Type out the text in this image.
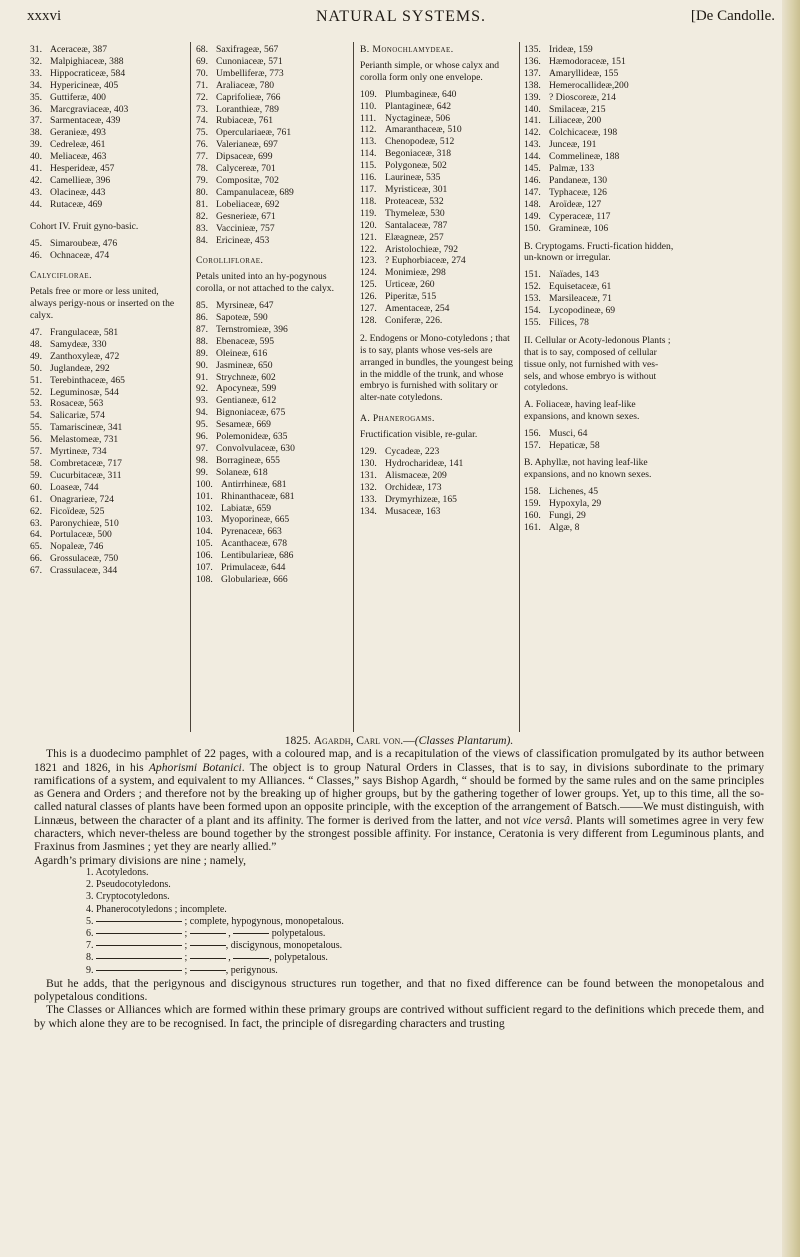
xxxvi	NATURAL SYSTEMS.	[De Candolle.
31. Aceraceæ, 387
32. Malpighiaceæ, 388
33. Hippocraticeæ, 584
34. Hypericineæ, 405
35. Guttiferæ, 400
36. Marcgraviaceæ, 403
37. Sarmentaceæ, 439
38. Geranieæ, 493
39. Cedreleæ, 461
40. Meliaceæ, 463
41. Hesperideæ, 457
42. Camellieæ, 396
43. Olacineæ, 443
44. Rutaceæ, 469

Cohort IV. Fruit gyno-basic.

45. Simaroubeæ, 476
46. Ochnaceæ, 474
Calyciflorae.

Petals free or more or less united, always perigy-nous or inserted on the calyx.

47. Frangulaceæ, 581
48. Samydeæ, 330
49. Zanthoxyleæ, 472
50. Juglandeæ, 292
51. Terebinthaceæ, 465
52. Leguminosæ, 544
53. Rosaceæ, 563
54. Salicariæ, 574
55. Tamariscineæ, 341
56. Melastomeæ, 731
57. Myrtineæ, 734
58. Combretaceæ, 717
59. Cucurbitaceæ, 311
60. Loaseæ, 744
61. Onagrarieæ, 724
62. Ficoïdeæ, 525
63. Paronychieæ, 510
64. Portulaceæ, 500
65. Nopaleæ, 746
66. Grossulaceæ, 750
67. Crassulaceæ, 344
68. Saxifrageæ, 567
69. Cunoniaceæ, 571
70. Umbelliferæ, 773
71. Araliaceæ, 780
72. Caprifolieæ, 766
73. Loranthieæ, 789
74. Rubiaceæ, 761
75. Operculariaeæ, 761
76. Valerianeæ, 697
77. Dipsaceæ, 699
78. Calycereæ, 701
79. Compositæ, 702
80. Campanulaceæ, 689
81. Lobeliaceæ, 692
82. Gesnerieæ, 671
83. Vaccinieæ, 757
84. Ericineæ, 453
Corolliflorae.

Petals united into an hy-pogynous corolla, or not attached to the calyx.

85. Myrsineæ, 647
86. Sapoteæ, 590
87. Ternstromieæ, 396
88. Ebenaceæ, 595
89. Oleineæ, 616
90. Jasmineæ, 650
91. Strychneæ, 602
92. Apocyneæ, 599
93. Gentianeæ, 612
94. Bignoniaceæ, 675
95. Sesameæ, 669
96. Polemonideæ, 635
97. Convolvulaceæ, 630
98. Borragineæ, 655
99. Solaneæ, 618
100. Antirrhineæ, 681
101. Rhinanthaceæ, 681
102. Labiatæ, 659
103. Myoporineæ, 665
104. Pyrenaceæ, 663
105. Acanthaceæ, 678
106. Lentibularieæ, 686
107. Primulaceæ, 644
108. Globularieæ, 666
B. Monochlamydeae.

Perianth simple, or whose calyx and corolla form only one envelope.

109. Plumbagineæ, 640
110. Plantagineæ, 642
111. Nyctagineæ, 506
112. Amaranthaceæ, 510
113. Chenopodeæ, 512
114. Begoniaceæ, 318
115. Polygoneæ, 502
116. Laurineæ, 535
117. Myristiceæ, 301
118. Proteaceæ, 532
119. Thymeleæ, 530
120. Santalaceæ, 787
121. Elæagneæ, 257
122. Aristolochieæ, 792
123. ? Euphorbiaceæ, 274
124. Monimieæ, 298
125. Urticeæ, 260
126. Piperitæ, 515
127. Amentaceæ, 254
128. Coniferæ, 226.

2. Endogens or Mono-cotyledons ; that is to say, plants whose ves-sels are arranged in bundles, the youngest being in the middle of the trunk, and whose embryo is furnished with solitary or alter-nate cotyledons.

A. Phanerogams.

Fructification visible, re-gular.

129. Cycadeæ, 223
130. Hydrocharideæ, 141
131. Alismaceæ, 209
132. Orchideæ, 173
133. Drymyrhizeæ, 165
134. Musaceæ, 163
135. Irideæ, 159
136. Hæmodoraceæ, 151
137. Amaryllideæ, 155
138. Hemerocallideæ,200
139. ? Dioscoreæ, 214
140. Smilaceæ, 215
141. Liliaceæ, 200
142. Colchicaceæ, 198
143. Junceæ, 191
144. Commelineæ, 188
145. Palmæ, 133
146. Pandaneæ, 130
147. Typhaceæ, 126
148. Aroïdeæ, 127
149. Cyperaceæ, 117
150. Gramineæ, 106

B. Cryptogams. Fructi-fication hidden, un-known or irregular.

151. Naïades, 143
152. Equisetaceæ, 61
153. Marsileaceæ, 71
154. Lycopodineæ, 69
155. Filices, 78

II. Cellular or Acoty-ledonous Plants ; that is to say, composed of cellular tissue only, not furnished with ves-sels, and whose embryo is without cotyledons.

A. Foliaceæ, having leaf-like expansions, and known sexes.

156. Musci, 64
157. Hepaticæ, 58

B. Aphyllæ, not having leaf-like expansions, and no known sexes.

158. Lichenes, 45
159. Hypoxyla, 29
160. Fungi, 29
161. Algæ, 8

1825. Agardh, Carl von.—(Classes Plantarum).

This is a duodecimo pamphlet of 22 pages, with a coloured map, and is a recapitulation of the views of classification promulgated by its author between 1821 and 1826, in his Aphorismi Botanici. The object is to group Natural Orders in Classes, that is to say, in divisions subordinate to the primary ramifications of a system, and equivalent to my Alliances. “ Classes,” says Bishop Agardh, “ should be formed by the same rules and on the same principles as Genera and Orders ; and therefore not by the breaking up of higher groups, but by the gathering together of lower groups. Yet, up to this time, all the so-called natural classes of plants have been formed upon an opposite principle, with the exception of the arrangement of Batsch.——We must distinguish, with Linnæus, between the character of a plant and its affinity. The former is derived from the latter, and not vice versâ. Plants will sometimes agree in very few characters, which never-theless are bound together by the strongest possible affinity. For instance, Ceratonia is very different from Leguminous plants, and Fraxinus from Jasmines ; yet they are nearly allied.”

Agardh’s primary divisions are nine ; namely,

1. Acotyledons.
2. Pseudocotyledons.
3. Cryptocotyledons.
4. Phanerocotyledons ; incomplete.
5.	; complete, hypogynous, monopetalous.
6.	;	,	polypetalous.
7.	;	, discigynous, monopetalous.
8.	;	,	, polypetalous.
9.	;	, perigynous.

But he adds, that the perigynous and discigynous structures run together, and that no fixed difference can be found between the monopetalous and polypetalous conditions.

The Classes or Alliances which are formed within these primary groups are contrived without sufficient regard to the definitions which precede them, and by which alone they are to be recognised. In fact, the principle of disregarding characters and trusting
